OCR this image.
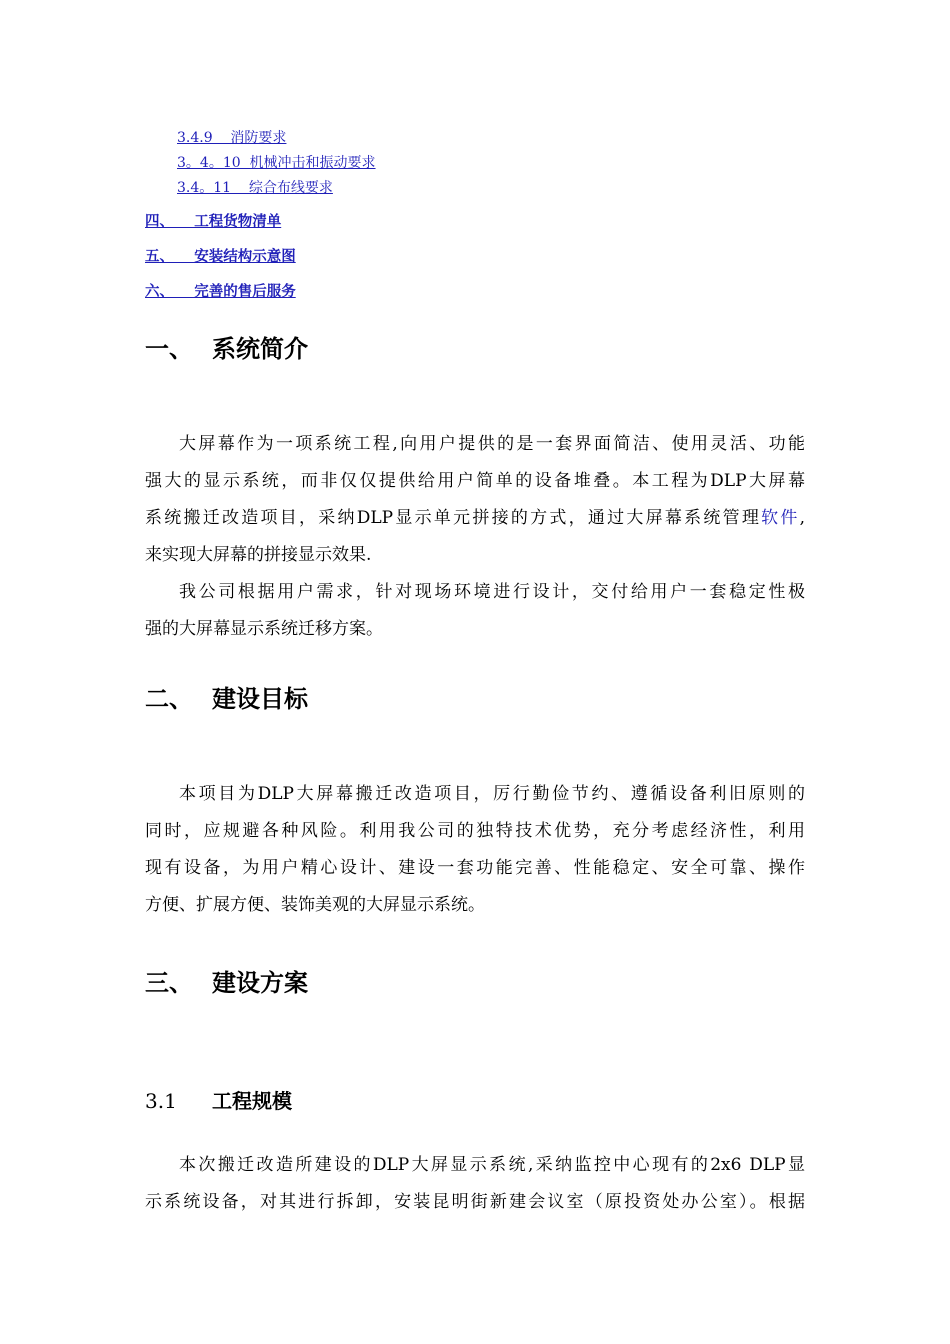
3.4.9    消防要求
3。4。10  机械冲击和振动要求
3.4。11    综合布线要求
四、    工程货物清单
五、    安装结构示意图
六、    完善的售后服务
一、 系统简介
大屏幕作为一项系统工程,向用户提供的是一套界面简洁、使用灵活、功能
强大的显示系统，而非仅仅提供给用户简单的设备堆叠。本工程为DLP大屏幕
系统搬迁改造项目，采纳DLP显示单元拼接的方式，通过大屏幕系统管理软件,
来实现大屏幕的拼接显示效果.
我公司根据用户需求，针对现场环境进行设计，交付给用户一套稳定性极
强的大屏幕显示系统迁移方案。
二、 建设目标
本项目为DLP大屏幕搬迁改造项目，厉行勤俭节约、遵循设备利旧原则的
同时，应规避各种风险。利用我公司的独特技术优势，充分考虑经济性，利用
现有设备，为用户精心设计、建设一套功能完善、性能稳定、安全可靠、操作
方便、扩展方便、装饰美观的大屏显示系统。
三、 建设方案
3.1 工程规模
本次搬迁改造所建设的DLP大屏显示系统,采纳监控中心现有的2x6 DLP显
示系统设备，对其进行拆卸，安装昆明街新建会议室（原投资处办公室）。根据
